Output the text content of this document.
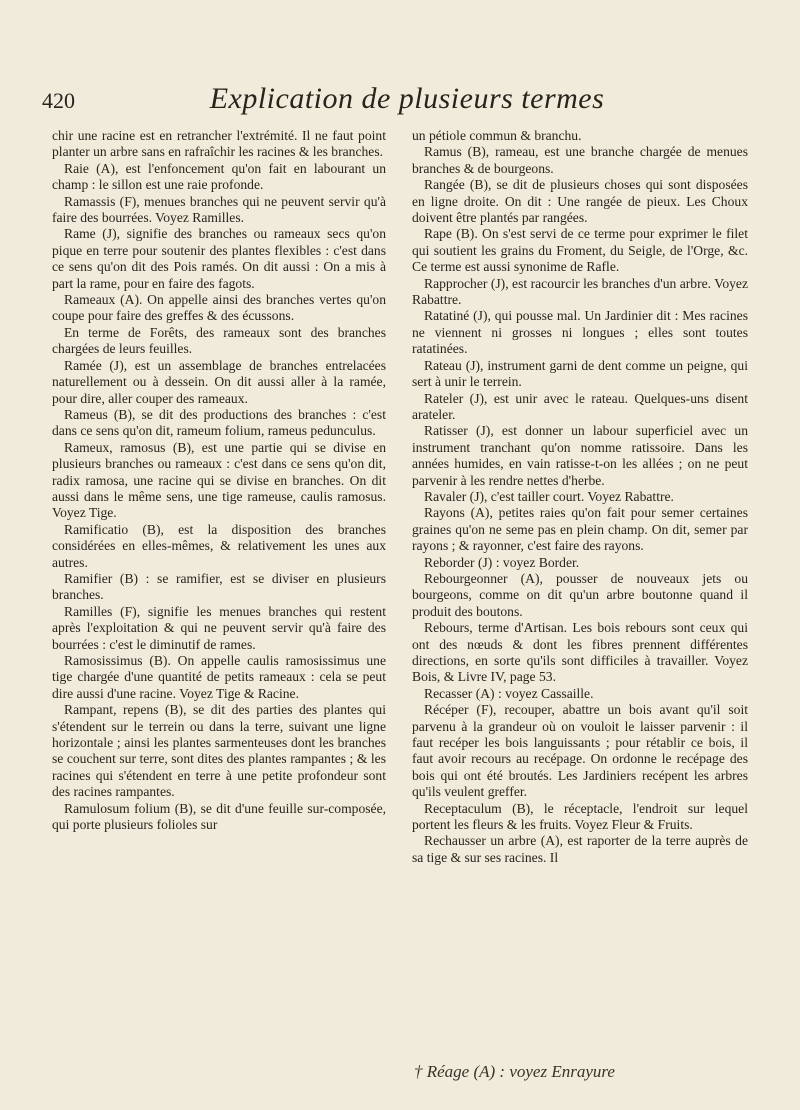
420	Explication de plusieurs termes

chir une racine est en retrancher l'extrémité. Il ne faut point planter un arbre sans en rafraîchir les racines & les branches.

Raie (A), est l'enfoncement qu'on fait en labourant un champ : le sillon est une raie profonde.

Ramassis (F), menues branches qui ne peuvent servir qu'à faire des bourrées. Voyez Ramilles.

Rame (J), signifie des branches ou rameaux secs qu'on pique en terre pour soutenir des plantes flexibles : c'est dans ce sens qu'on dit des Pois ramés. On dit aussi : On a mis à part la rame, pour en faire des fagots.

Rameaux (A). On appelle ainsi des branches vertes qu'on coupe pour faire des greffes & des écussons.

En terme de Forêts, des rameaux sont des branches chargées de leurs feuilles.

Ramée (J), est un assemblage de branches entrelacées naturellement ou à dessein. On dit aussi aller à la ramée, pour dire, aller couper des rameaux.

Rameus (B), se dit des productions des branches : c'est dans ce sens qu'on dit, rameum folium, rameus pedunculus.

Rameux, ramosus (B), est une partie qui se divise en plusieurs branches ou rameaux : c'est dans ce sens qu'on dit, radix ramosa, une racine qui se divise en branches. On dit aussi dans le même sens, une tige rameuse, caulis ramosus. Voyez Tige.

Ramificatio (B), est la disposition des branches considérées en elles-mêmes, & relativement les unes aux autres.

Ramifier (B) : se ramifier, est se diviser en plusieurs branches.

Ramilles (F), signifie les menues branches qui restent après l'exploitation & qui ne peuvent servir qu'à faire des bourrées : c'est le diminutif de rames.

Ramosissimus (B). On appelle caulis ramosissimus une tige chargée d'une quantité de petits rameaux : cela se peut dire aussi d'une racine. Voyez Tige & Racine.

Rampant, repens (B), se dit des parties des plantes qui s'étendent sur le terrein ou dans la terre, suivant une ligne horizontale ; ainsi les plantes sarmenteuses dont les branches se couchent sur terre, sont dites des plantes rampantes ; & les racines qui s'étendent en terre à une petite profondeur sont des racines rampantes.

Ramulosum folium (B), se dit d'une feuille sur-composée, qui porte plusieurs folioles sur

un pétiole commun & branchu.

Ramus (B), rameau, est une branche chargée de menues branches & de bourgeons.

Rangée (B), se dit de plusieurs choses qui sont disposées en ligne droite. On dit : Une rangée de pieux. Les Choux doivent être plantés par rangées.

Rape (B). On s'est servi de ce terme pour exprimer le filet qui soutient les grains du Froment, du Seigle, de l'Orge, &c. Ce terme est aussi synonime de Rafle.

Rapprocher (J), est racourcir les branches d'un arbre. Voyez Rabattre.

Ratatiné (J), qui pousse mal. Un Jardinier dit : Mes racines ne viennent ni grosses ni longues ; elles sont toutes ratatinées.

Rateau (J), instrument garni de dent comme un peigne, qui sert à unir le terrein.

Rateler (J), est unir avec le rateau. Quelques-uns disent arateler.

Ratisser (J), est donner un labour superficiel avec un instrument tranchant qu'on nomme ratissoire. Dans les années humides, en vain ratisse-t-on les allées ; on ne peut parvenir à les rendre nettes d'herbe.

Ravaler (J), c'est tailler court. Voyez Rabattre.

Rayons (A), petites raies qu'on fait pour semer certaines graines qu'on ne seme pas en plein champ. On dit, semer par rayons ; & rayonner, c'est faire des rayons.

Reborder (J) : voyez Border.

Rebourgeonner (A), pousser de nouveaux jets ou bourgeons, comme on dit qu'un arbre boutonne quand il produit des boutons.

Rebours, terme d'Artisan. Les bois rebours sont ceux qui ont des nœuds & dont les fibres prennent différentes directions, en sorte qu'ils sont difficiles à travailler. Voyez Bois, & Livre IV, page 53.

Recasser (A) : voyez Cassaille.

Récéper (F), recouper, abattre un bois avant qu'il soit parvenu à la grandeur où on vouloit le laisser parvenir : il faut recéper les bois languissants ; pour rétablir ce bois, il faut avoir recours au recépage. On ordonne le recépage des bois qui ont été broutés. Les Jardiniers recépent les arbres qu'ils veulent greffer.

Receptaculum (B), le réceptacle, l'endroit sur lequel portent les fleurs & les fruits. Voyez Fleur & Fruits.

Rechausser un arbre (A), est raporter de la terre auprès de sa tige & sur ses racines. Il

† Réage (A) : voyez Enrayure
